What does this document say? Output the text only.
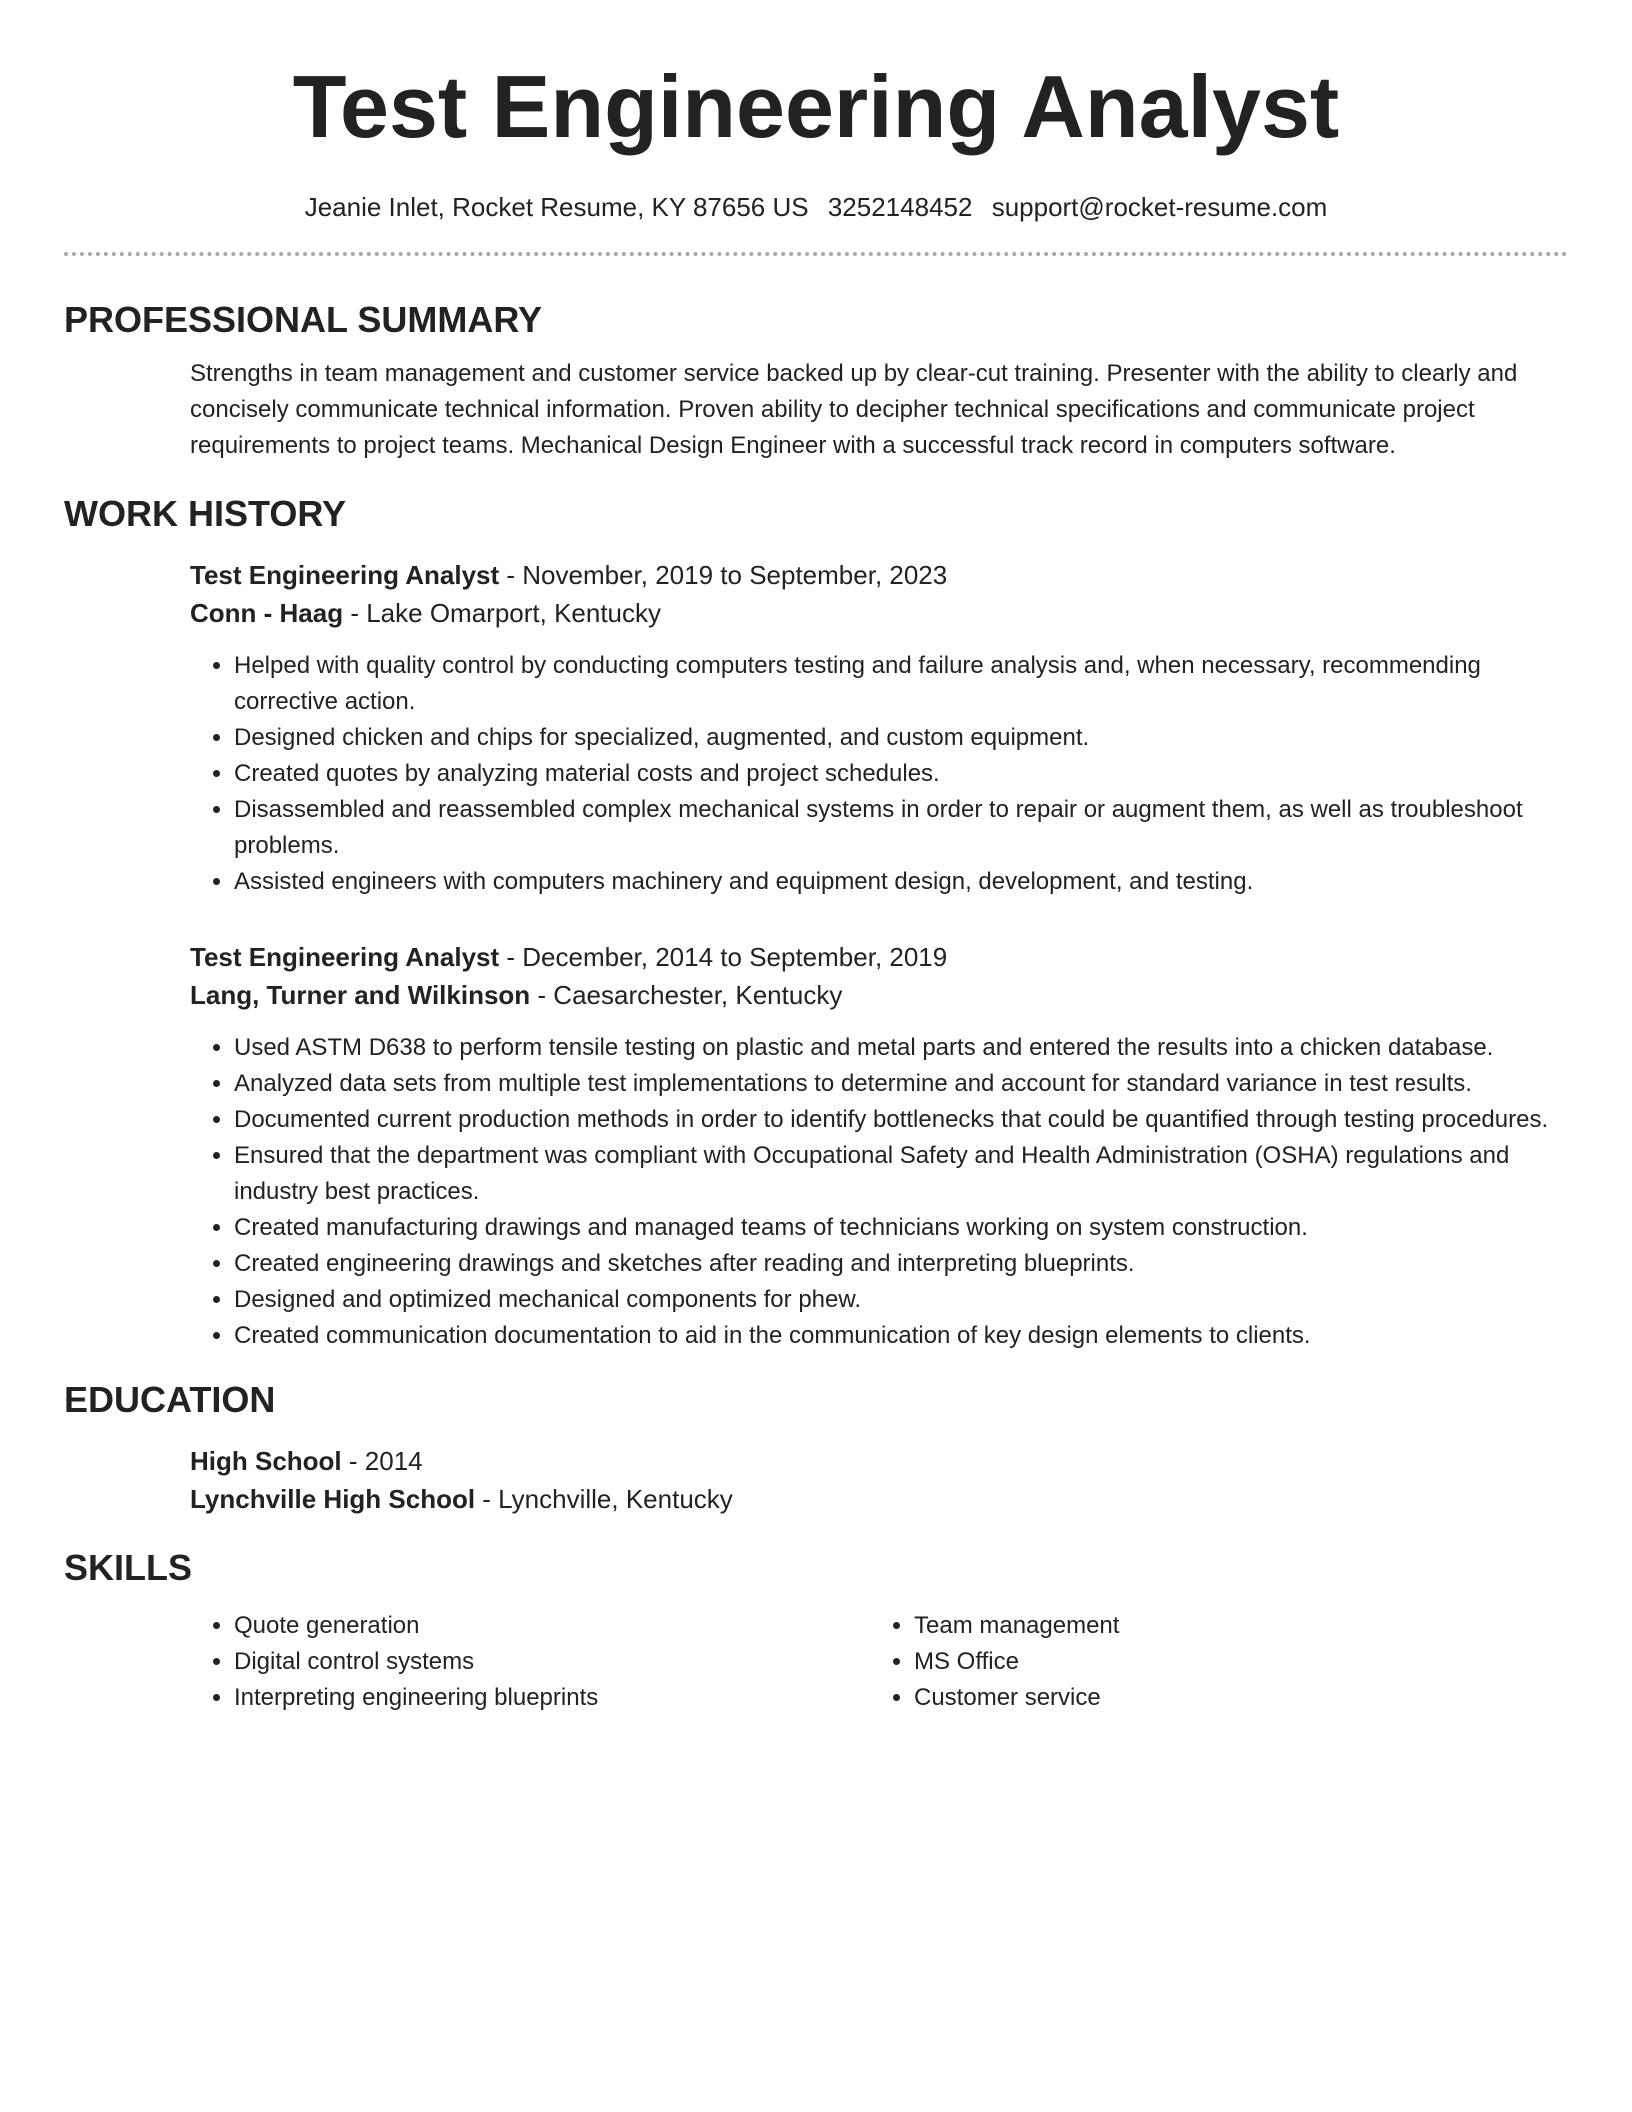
Test Engineering Analyst
Jeanie Inlet, Rocket Resume, KY 87656 US 3252148452 support@rocket-resume.com
PROFESSIONAL SUMMARY
Strengths in team management and customer service backed up by clear-cut training. Presenter with the ability to clearly and concisely communicate technical information. Proven ability to decipher technical specifications and communicate project requirements to project teams. Mechanical Design Engineer with a successful track record in computers software.
WORK HISTORY
Test Engineering Analyst - November, 2019 to September, 2023
Conn - Haag - Lake Omarport, Kentucky
• Helped with quality control by conducting computers testing and failure analysis and, when necessary, recommending corrective action.
• Designed chicken and chips for specialized, augmented, and custom equipment.
• Created quotes by analyzing material costs and project schedules.
• Disassembled and reassembled complex mechanical systems in order to repair or augment them, as well as troubleshoot problems.
• Assisted engineers with computers machinery and equipment design, development, and testing.
Test Engineering Analyst - December, 2014 to September, 2019
Lang, Turner and Wilkinson - Caesarchester, Kentucky
• Used ASTM D638 to perform tensile testing on plastic and metal parts and entered the results into a chicken database.
• Analyzed data sets from multiple test implementations to determine and account for standard variance in test results.
• Documented current production methods in order to identify bottlenecks that could be quantified through testing procedures.
• Ensured that the department was compliant with Occupational Safety and Health Administration (OSHA) regulations and industry best practices.
• Created manufacturing drawings and managed teams of technicians working on system construction.
• Created engineering drawings and sketches after reading and interpreting blueprints.
• Designed and optimized mechanical components for phew.
• Created communication documentation to aid in the communication of key design elements to clients.
EDUCATION
High School - 2014
Lynchville High School - Lynchville, Kentucky
SKILLS
• Quote generation
• Digital control systems
• Interpreting engineering blueprints
• Team management
• MS Office
• Customer service
